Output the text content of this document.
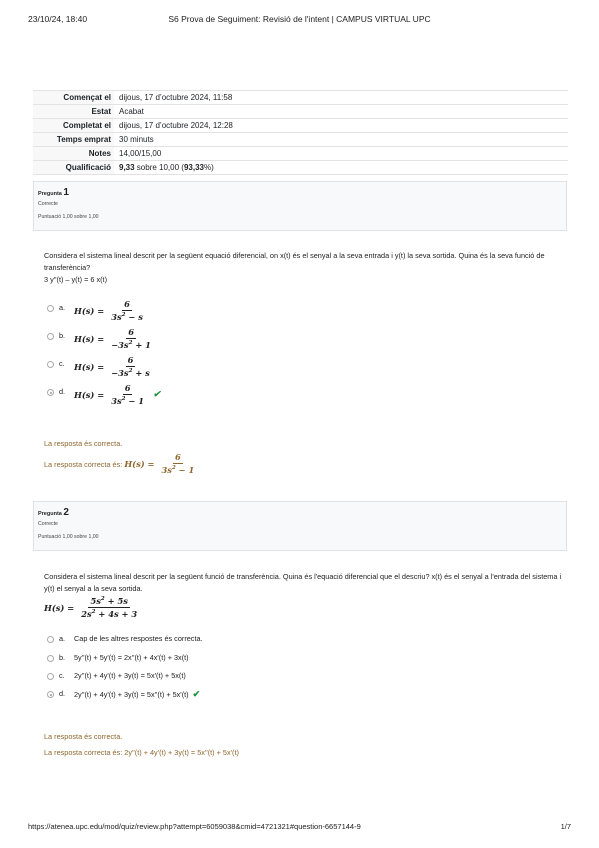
23/10/24, 18:40	S6 Prova de Seguiment: Revisió de l'intent | CAMPUS VIRTUAL UPC
Començat el	dijous, 17 d’octubre 2024, 11:58
Estat	Acabat
Completat el	dijous, 17 d’octubre 2024, 12:28
Temps emprat	30 minuts
Notes	14,00/15,00
Qualificació	9,33 sobre 10,00 (93,33%)
Pregunta 1
Correcte
Puntuació 1,00 sobre 1,00
Considera el sistema lineal descrit per la següent equació diferencial, on x(t) és el senyal a la seva entrada i y(t) la seva sortida. Quina és la seva funció de transferència?
3 y''(t) – y(t) = 6 x(t)
a. $H(s) = \frac{6}{3s^2 - s}$
b. $H(s) = \frac{6}{-3s^2 + 1}$
c. $H(s) = \frac{6}{-3s^2 + s}$
d. $H(s) = \frac{6}{3s^2 - 1}$ ✔
La resposta és correcta.
La resposta correcta és: $H(s) = \frac{6}{3s^2 - 1}$
Pregunta 2
Correcte
Puntuació 1,00 sobre 1,00
Considera el sistema lineal descrit per la següent funció de transferència. Quina és l'equació diferencial que el descriu? x(t) és el senyal a l'entrada del sistema i y(t) el senyal a la seva sortida.
$H(s) = \frac{5s^2 + 5s}{2s^2 + 4s + 3}$
a. Cap de les altres respostes és correcta.
b. 5y''(t) + 5y'(t) = 2x''(t) + 4x'(t) + 3x(t)
c. 2y''(t) + 4y'(t) + 3y(t) = 5x'(t) + 5x(t)
d. 2y''(t) + 4y'(t) + 3y(t) = 5x''(t) + 5x'(t) ✔
La resposta és correcta.
La resposta correcta és: 2y''(t) + 4y'(t) + 3y(t) = 5x''(t) + 5x'(t)
https://atenea.upc.edu/mod/quiz/review.php?attempt=6059038&cmid=4721321#question-6657144-9	1/7
